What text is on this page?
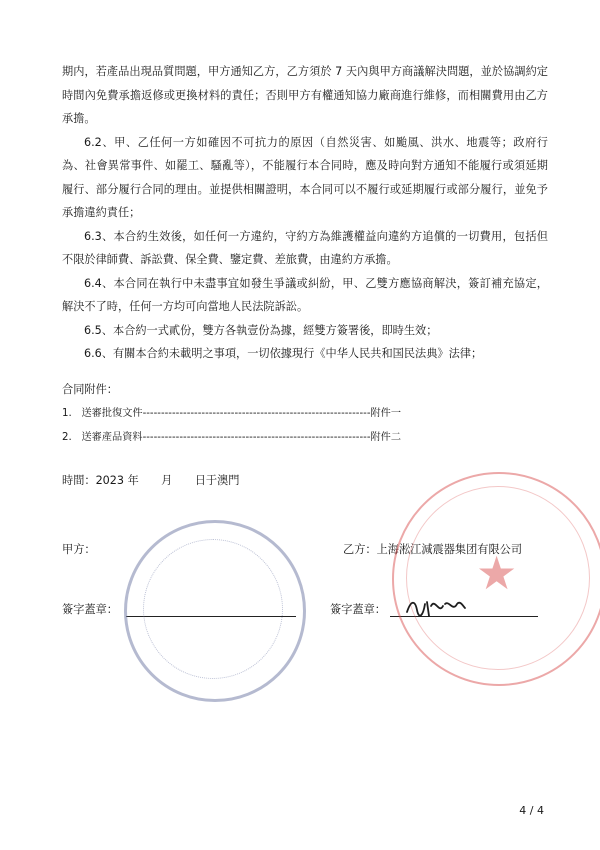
期内，若產品出現品質問題，甲方通知乙方，乙方須於 7 天內與甲方商議解決問題，並於協調約定時間內免費承擔返修或更換材料的責任；否則甲方有權通知協力廠商進行維修，而相關費用由乙方承擔。

6.2、甲、乙任何一方如確因不可抗力的原因（自然災害、如颱風、洪水、地震等；政府行為、社會異常事件、如罷工、騷亂等），不能履行本合同時，應及時向對方通知不能履行或須延期履行、部分履行合同的理由。並提供相關證明，本合同可以不履行或延期履行或部分履行，並免予承擔違約責任；

6.3、本合約生效後，如任何一方違約，守約方為維護權益向違約方追償的一切費用，包括但不限於律師費、訴訟費、保全費、鑒定費、差旅費，由違約方承擔。

6.4、本合同在執行中未盡事宜如發生爭議或糾紛，甲、乙雙方應協商解決，簽訂補充協定，解決不了時，任何一方均可向當地人民法院訴訟。

6.5、本合約一式貳份，雙方各執壹份為據，經雙方簽署後，即時生效；

6.6、有關本合約未載明之事項，一切依據現行《中华人民共和国民法典》法律；

合同附件：
1. 送審批復文件--------------------------------------------------------------附件一
2. 送審產品資料--------------------------------------------------------------附件二
時間：2023 年　　月　　日于澳門
甲方：	乙方：上海淞江減震器集团有限公司
簽字蓋章：	簽字蓋章：
★
4 / 4
